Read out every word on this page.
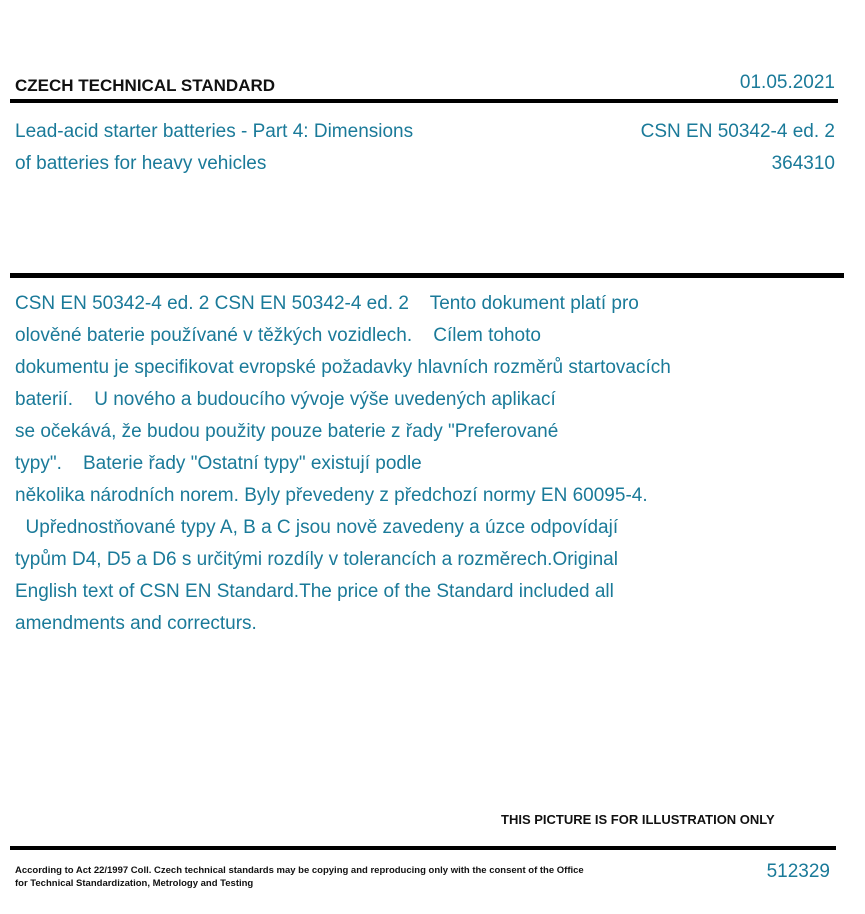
CZECH TECHNICAL STANDARD	01.05.2021
Lead-acid starter batteries - Part 4: Dimensions
of batteries for heavy vehicles
CSN EN 50342-4 ed. 2
364310
CSN EN 50342-4 ed. 2 CSN EN 50342-4 ed. 2    Tento dokument platí pro
olověné baterie používané v těžkých vozidlech.    Cílem tohoto
dokumentu je specifikovat evropské požadavky hlavních rozměrů startovacích
baterií.    U nového a budoucího vývoje výše uvedených aplikací
se očekává, že budou použity pouze baterie z řady "Preferované
typy".    Baterie řady "Ostatní typy" existují podle
několika národních norem. Byly převedeny z předchozí normy EN 60095-4.
Upřednostňované typy A, B a C jsou nově zavedeny a úzce odpovídají
typům D4, D5 a D6 s určitými rozdíly v tolerancích a rozměrech.Original
English text of CSN EN Standard.The price of the Standard included all
amendments and correcturs.
THIS PICTURE IS FOR ILLUSTRATION ONLY
According to Act 22/1997 Coll. Czech technical standards may be copying and reproducing only with the consent of the Office
for Technical Standardization, Metrology and Testing
512329
